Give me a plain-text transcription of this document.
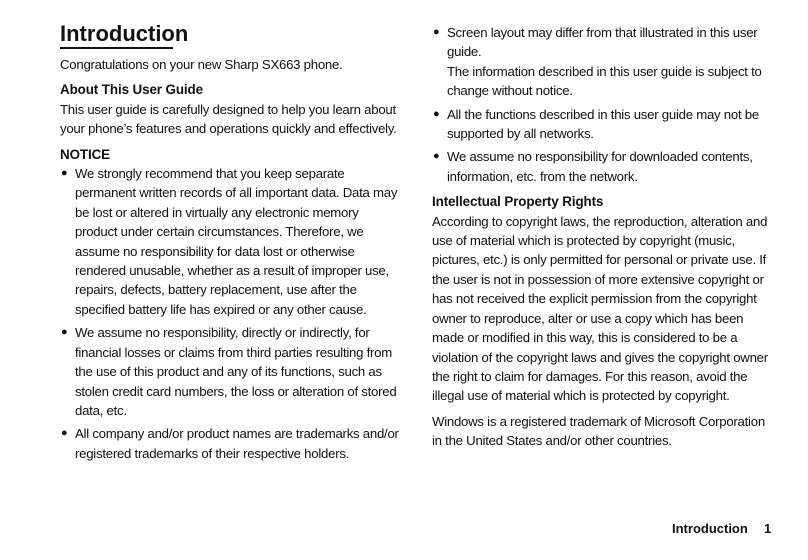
Introduction

Congratulations on your new Sharp SX663 phone.

About This User Guide

This user guide is carefully designed to help you learn about your phone’s features and operations quickly and effectively.

NOTICE
● We strongly recommend that you keep separate permanent written records of all important data. Data may be lost or altered in virtually any electronic memory product under certain circumstances. Therefore, we assume no responsibility for data lost or otherwise rendered unusable, whether as a result of improper use, repairs, defects, battery replacement, use after the specified battery life has expired or any other cause.
● We assume no responsibility, directly or indirectly, for financial losses or claims from third parties resulting from the use of this product and any of its functions, such as stolen credit card numbers, the loss or alteration of stored data, etc.
● All company and/or product names are trademarks and/or registered trademarks of their respective holders.
● Screen layout may differ from that illustrated in this user guide.

The information described in this user guide is subject to change without notice.

● All the functions described in this user guide may not be supported by all networks.
● We assume no responsibility for downloaded contents, information, etc. from the network.
Intellectual Property Rights

According to copyright laws, the reproduction, alteration and use of material which is protected by copyright (music, pictures, etc.) is only permitted for personal or private use. If the user is not in possession of more extensive copyright or has not received the explicit permission from the copyright owner to reproduce, alter or use a copy which has been made or modified in this way, this is considered to be a violation of the copyright laws and gives the copyright owner the right to claim for damages. For this reason, avoid the illegal use of material which is protected by copyright.

Windows is a registered trademark of Microsoft Corporation in the United States and/or other countries.

Introduction 1
